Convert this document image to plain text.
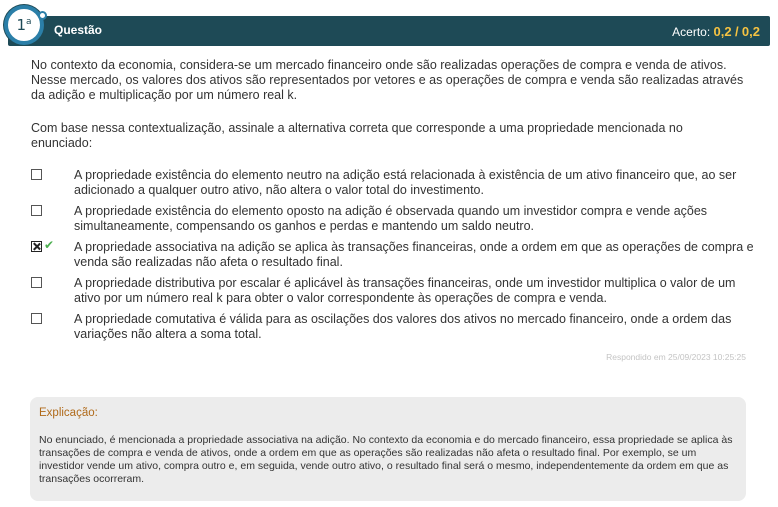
Questão	Acerto: 0,2 / 0,2
1$^a$
No contexto da economia, considera-se um mercado financeiro onde são realizadas operações de compra e venda de ativos. Nesse mercado, os valores dos ativos são representados por vetores e as operações de compra e venda são realizadas através da adição e multiplicação por um número real k.
Com base nessa contextualização, assinale a alternativa correta que corresponde a uma propriedade mencionada no enunciado:
A propriedade existência do elemento neutro na adição está relacionada à existência de um ativo financeiro que, ao ser adicionado a qualquer outro ativo, não altera o valor total do investimento.
A propriedade existência do elemento oposto na adição é observada quando um investidor compra e vende ações simultaneamente, compensando os ganhos e perdas e mantendo um saldo neutro.
✔ A propriedade associativa na adição se aplica às transações financeiras, onde a ordem em que as operações de compra e venda são realizadas não afeta o resultado final.
A propriedade distributiva por escalar é aplicável às transações financeiras, onde um investidor multiplica o valor de um ativo por um número real k para obter o valor correspondente às operações de compra e venda.
A propriedade comutativa é válida para as oscilações dos valores dos ativos no mercado financeiro, onde a ordem das variações não altera a soma total.
Respondido em 25/09/2023 10:25:25
Explicação:
No enunciado, é mencionada a propriedade associativa na adição. No contexto da economia e do mercado financeiro, essa propriedade se aplica às transações de compra e venda de ativos, onde a ordem em que as operações são realizadas não afeta o resultado final. Por exemplo, se um investidor vende um ativo, compra outro e, em seguida, vende outro ativo, o resultado final será o mesmo, independentemente da ordem em que as transações ocorreram.
